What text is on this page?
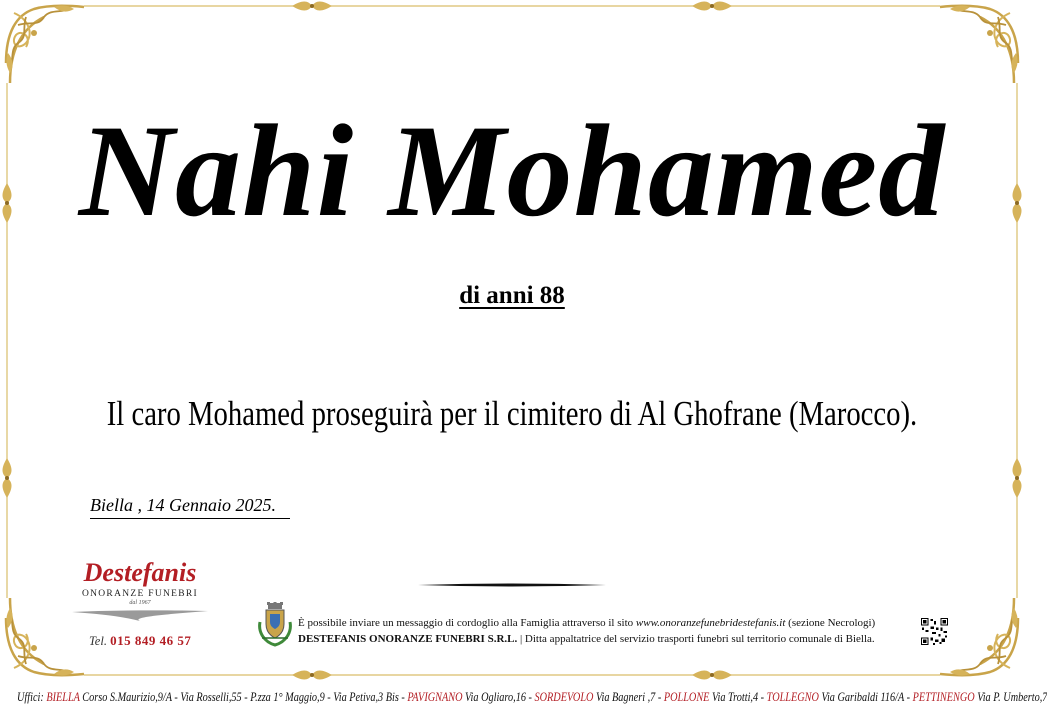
Nahi Mohamed
di anni 88
Il caro Mohamed proseguirà per il cimitero di Al Ghofrane (Marocco).
Biella , 14 Gennaio 2025.
Destefanis
ONORANZE FUNEBRI
dal 1967
Tel. 015 849 46 57
È possibile inviare un messaggio di cordoglio alla Famiglia attraverso il sito www.onoranzefunebridestefanis.it (sezione Necrologi)
DESTEFANIS ONORANZE FUNEBRI S.R.L. | Ditta appaltatrice del servizio trasporti funebri sul territorio comunale di Biella.
Uffici: BIELLA Corso S.Maurizio,9/A - Via Rosselli,55 - P.zza 1° Maggio,9 - Via Petiva,3 Bis - PAVIGNANO Via Ogliaro,16 - SORDEVOLO Via Bagneri ,7 - POLLONE Via Trotti,4 - TOLLEGNO Via Garibaldi 116/A - PETTINENGO Via P. Umberto,7
